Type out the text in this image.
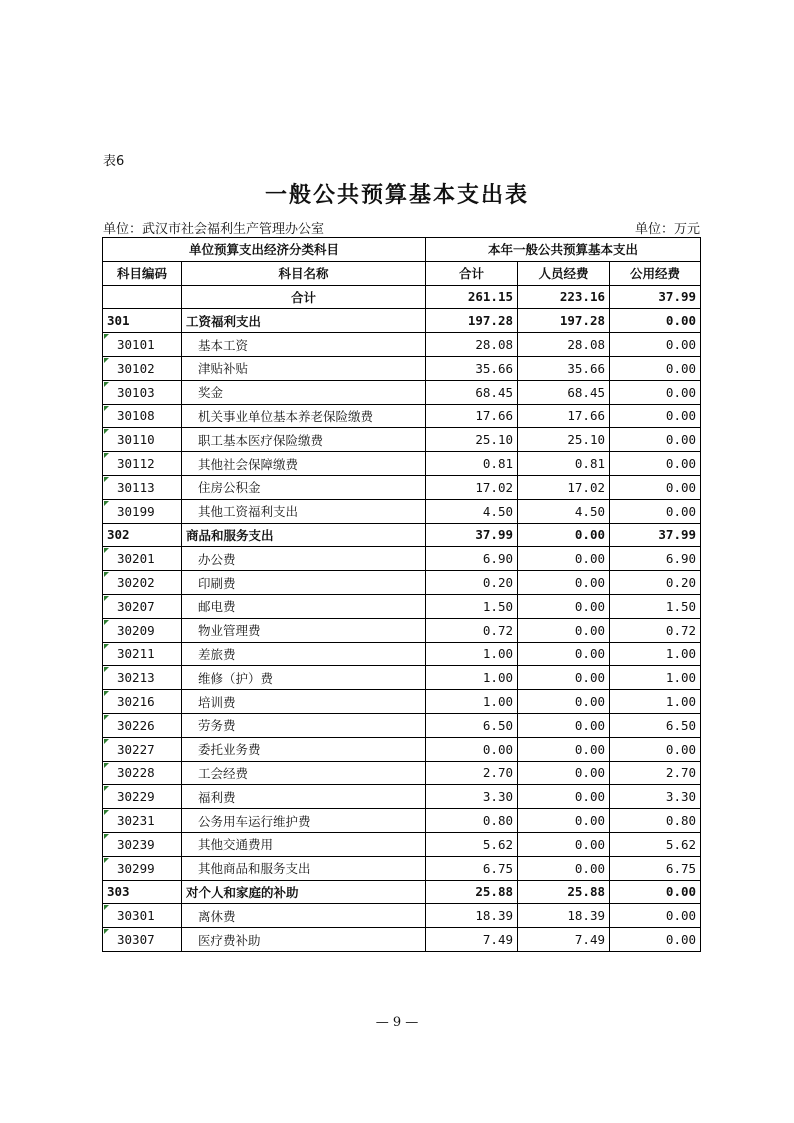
表6
一般公共预算基本支出表
单位：武汉市社会福利生产管理办公室	单位：万元
单位预算支出经济分类科目		本年一般公共预算基本支出		
科目编码	科目名称	合计	人员经费	公用经费
	合计	261.15	223.16	37.99
301	工资福利支出	197.28	197.28	0.00
30101	基本工资	28.08	28.08	0.00
30102	津贴补贴	35.66	35.66	0.00
30103	奖金	68.45	68.45	0.00
30108	机关事业单位基本养老保险缴费	17.66	17.66	0.00
30110	职工基本医疗保险缴费	25.10	25.10	0.00
30112	其他社会保障缴费	0.81	0.81	0.00
30113	住房公积金	17.02	17.02	0.00
30199	其他工资福利支出	4.50	4.50	0.00
302	商品和服务支出	37.99	0.00	37.99
30201	办公费	6.90	0.00	6.90
30202	印刷费	0.20	0.00	0.20
30207	邮电费	1.50	0.00	1.50
30209	物业管理费	0.72	0.00	0.72
30211	差旅费	1.00	0.00	1.00
30213	维修（护）费	1.00	0.00	1.00
30216	培训费	1.00	0.00	1.00
30226	劳务费	6.50	0.00	6.50
30227	委托业务费	0.00	0.00	0.00
30228	工会经费	2.70	0.00	2.70
30229	福利费	3.30	0.00	3.30
30231	公务用车运行维护费	0.80	0.00	0.80
30239	其他交通费用	5.62	0.00	5.62
30299	其他商品和服务支出	6.75	0.00	6.75
303	对个人和家庭的补助	25.88	25.88	0.00
30301	离休费	18.39	18.39	0.00
30307	医疗费补助	7.49	7.49	0.00
— 9 —
